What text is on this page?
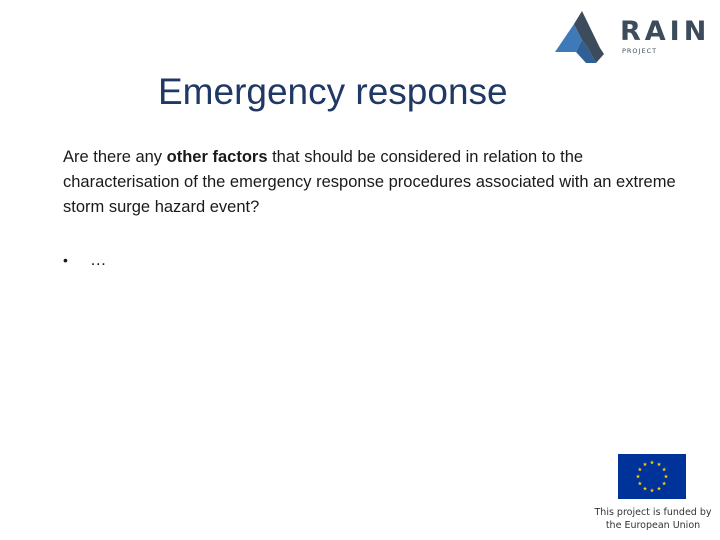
RAIN
PROJECT
Emergency response

Are there any other factors that should be considered in relation to the characterisation of the emergency response procedures associated with an extreme storm surge hazard event?

•	…
This project is funded by
the European Union
